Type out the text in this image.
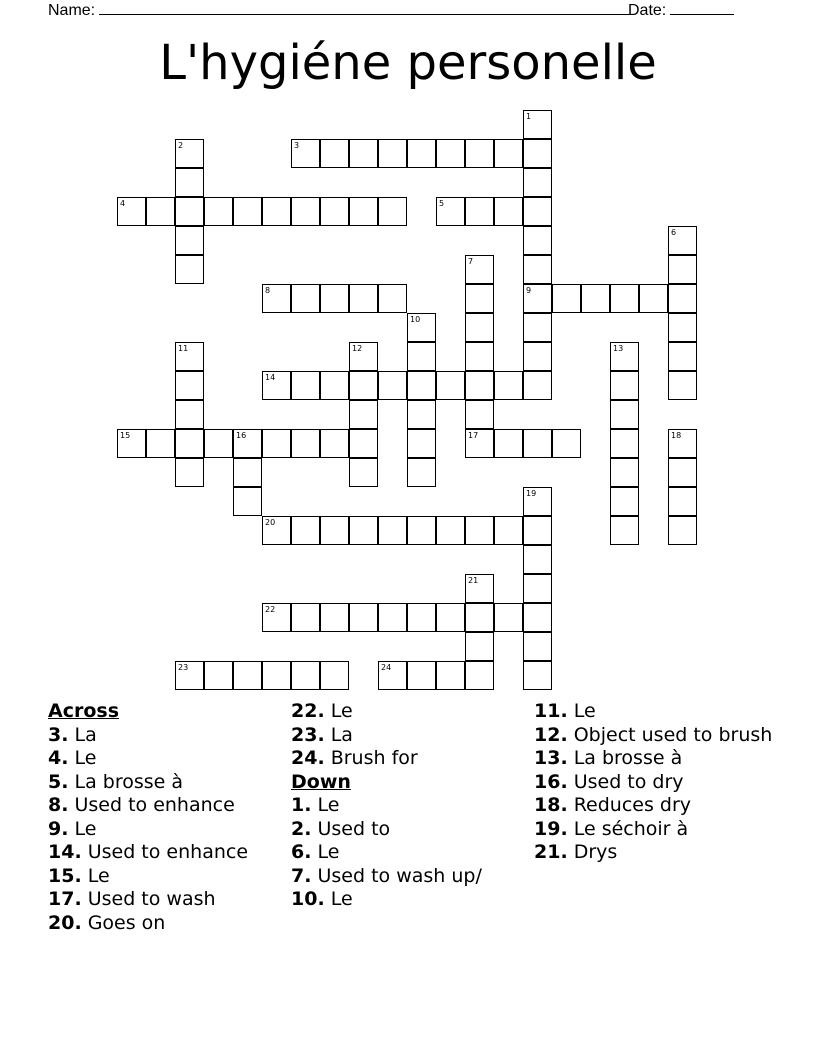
Name:	Date:
L'hygiéne personelle
3
4	5
8	9
14
15	16	17
20
22
23	24
1
2
6
7
10
11	12	13
18
19
21

Across

3. La

4. Le

5. La brosse à

8. Used to enhance

9. Le

14. Used to enhance

15. Le

17. Used to wash

20. Goes on

22. Le

23. La

24. Brush for

Down

1. Le

2. Used to

6. Le

7. Used to wash up/

10. Le

11. Le

12. Object used to brush

13. La brosse à

16. Used to dry

18. Reduces dry

19. Le séchoir à

21. Drys
